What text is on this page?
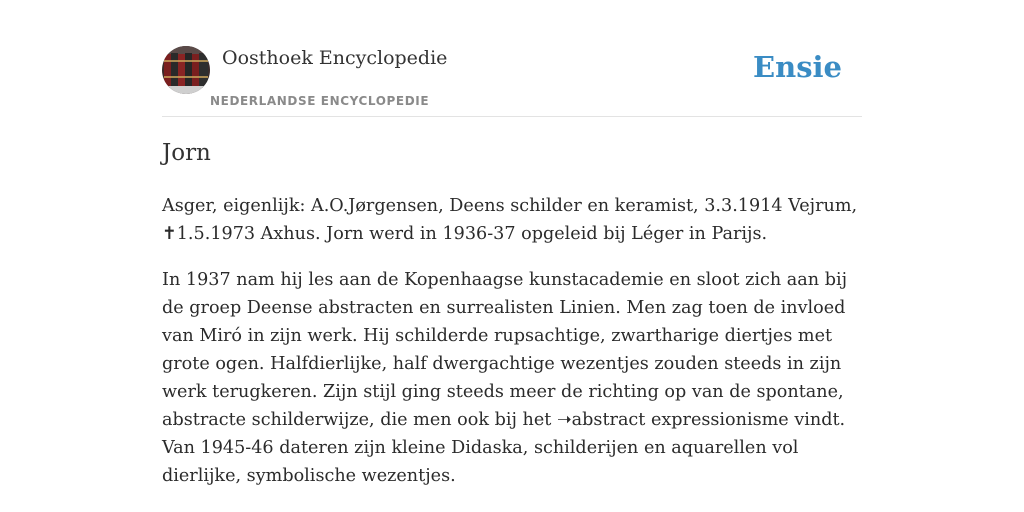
Oosthoek Encyclopedie
NEDERLANDSE ENCYCLOPEDIE
Ensie
Jorn

Asger, eigenlijk: A.O.Jørgensen, Deens schilder en keramist, 3.3.1914 Vejrum,
✝1.5.1973 Axhus. Jorn werd in 1936-37 opgeleid bij Léger in Parijs.

In 1937 nam hij les aan de Kopenhaagse kunstacademie en sloot zich aan bij de groep Deense abstracten en surrealisten Linien. Men zag toen de invloed van Miró in zijn werk. Hij schilderde rupsachtige, zwartharige diertjes met grote ogen. Halfdierlijke, half dwergachtige wezentjes zouden steeds in zijn werk terugkeren. Zijn stijl ging steeds meer de richting op van de spontane, abstracte schilderwijze, die men ook bij het ➝abstract expressionisme vindt. Van 1945-46 dateren zijn kleine Didaska, schilderijen en aquarellen vol dierlijke, symbolische wezentjes.
